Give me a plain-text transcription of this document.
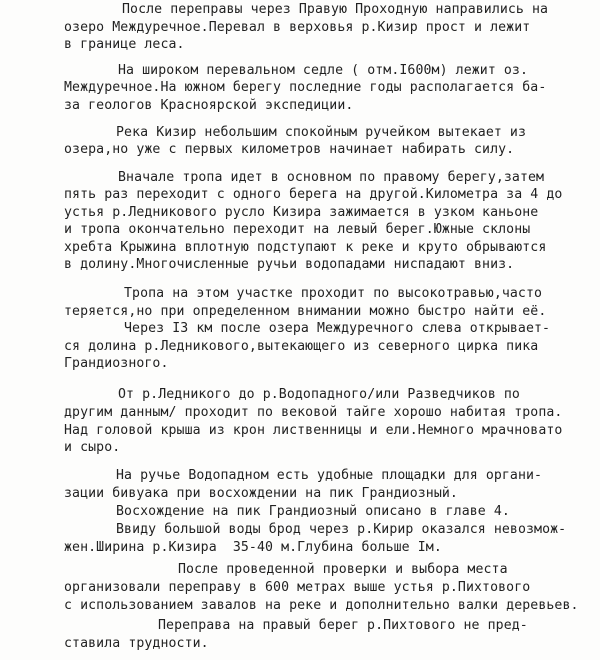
После переправы через Правую Проходную направились на
озеро Междуречное.Перевал в верховья р.Кизир прост и лежит
в границе леса.
На широком перевальном седле ( отм.I600м) лежит оз.
Междуречное.На южном берегу последние годы располагается ба-
за геологов Красноярской экспедиции.
Река Кизир небольшим спокойным ручейком вытекает из
озера,но уже с первых километров начинает набирать силу.
Вначале тропа идет в основном по правому берегу,затем
пять раз переходит с одного берега на другой.Километра за 4 до
устья р.Ледникового русло Кизира зажимается в узком каньоне
и тропа окончательно переходит на левый берег.Южные склоны
хребта Крыжина вплотную подступают к реке и круто обрываются
в долину.Многочисленные ручьи водопадами ниспадают вниз.
Тропа на этом участке проходит по высокотравью,часто
теряется,но при определенном внимании можно быстро найти её.
Через I3 км после озера Междуречного слева открывает-
ся долина р.Ледникового,вытекающего из северного цирка пика
Грандиозного.
От р.Ледникого до р.Водопадного/или Разведчиков по
другим данным/ проходит по вековой тайге хорошо набитая тропа.
Над головой крыша из крон лиственницы и ели.Немного мрачновато
и сыро.
На ручье Водопадном есть удобные площадки для органи-
зации бивуака при восхождении на пик Грандиозный.
Восхождение на пик Грандиозный описано в главе 4.
Ввиду большой воды брод через р.Кирир оказался невозмож-
жен.Ширина р.Кизира  35-40 м.Глубина больше Iм.
После проведенной проверки и выбора места
организовали переправу в 600 метрах выше устья р.Пихтового
с использованием завалов на реке и дополнительно валки деревьев.
Переправа на правый берег р.Пихтового не пред-
ставила трудности.
